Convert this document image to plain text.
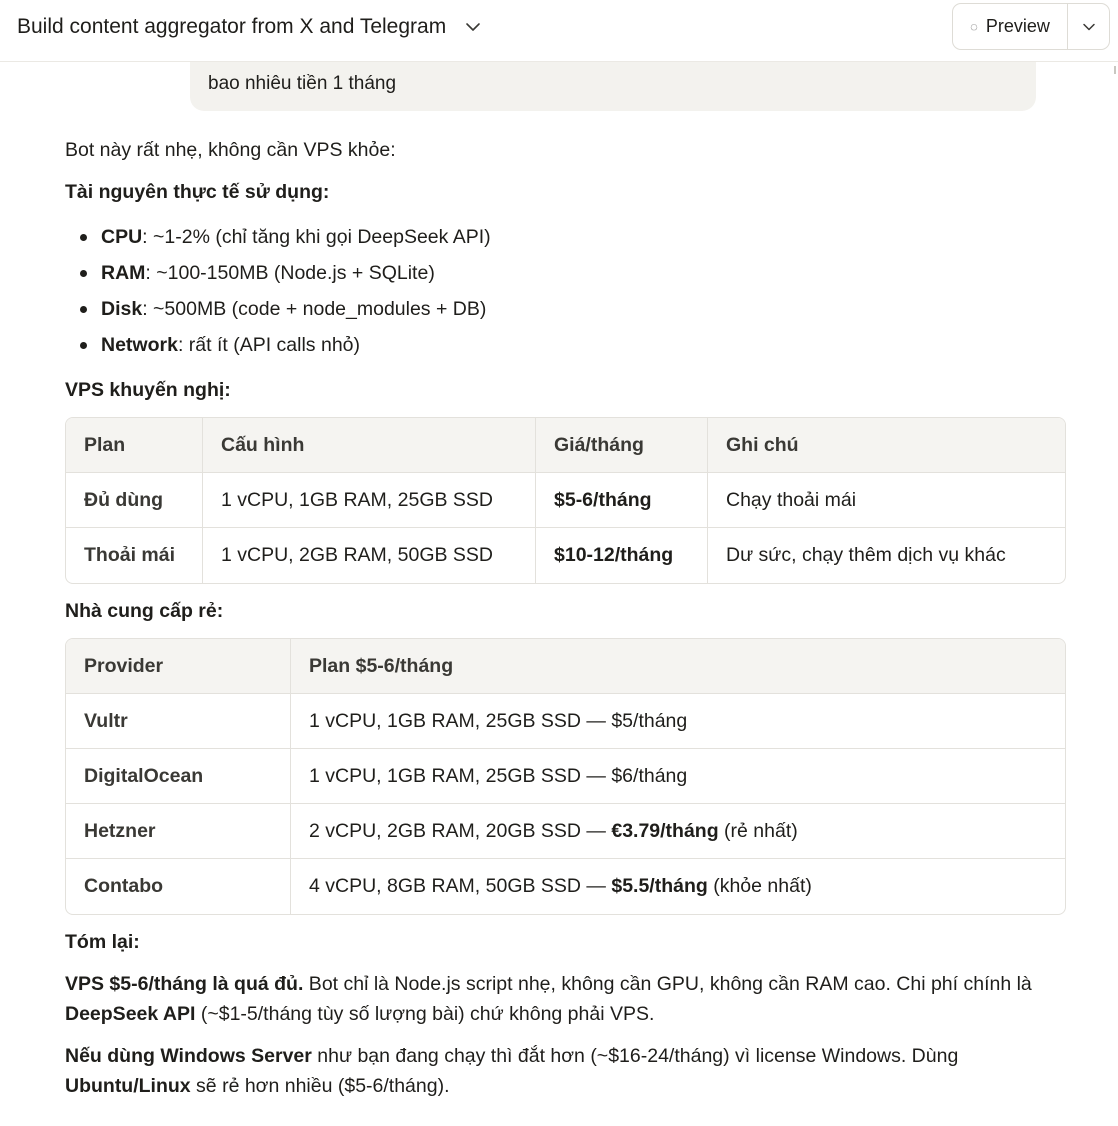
Build content aggregator from X and Telegram	◌ Preview
bao nhiêu tiền 1 tháng

Bot này rất nhẹ, không cần VPS khỏe:

Tài nguyên thực tế sử dụng:
CPU: ~1-2% (chỉ tăng khi gọi DeepSeek API)
RAM: ~100-150MB (Node.js + SQLite)
Disk: ~500MB (code + node_modules + DB)
Network: rất ít (API calls nhỏ)
VPS khuyến nghị:
Plan	Cấu hình	Giá/tháng	Ghi chú
Đủ dùng	1 vCPU, 1GB RAM, 25GB SSD	$5-6/tháng	Chạy thoải mái
Thoải mái	1 vCPU, 2GB RAM, 50GB SSD	$10-12/tháng	Dư sức, chạy thêm dịch vụ khác
Nhà cung cấp rẻ:
Provider	Plan $5-6/tháng
Vultr	1 vCPU, 1GB RAM, 25GB SSD — $5/tháng
DigitalOcean	1 vCPU, 1GB RAM, 25GB SSD — $6/tháng
Hetzner	2 vCPU, 2GB RAM, 20GB SSD — €3.79/tháng (rẻ nhất)
Contabo	4 vCPU, 8GB RAM, 50GB SSD — $5.5/tháng (khỏe nhất)
Tóm lại:

VPS $5-6/tháng là quá đủ. Bot chỉ là Node.js script nhẹ, không cần GPU, không cần RAM cao. Chi phí chính là DeepSeek API (~$1-5/tháng tùy số lượng bài) chứ không phải VPS.

Nếu dùng Windows Server như bạn đang chạy thì đắt hơn (~$16-24/tháng) vì license Windows. Dùng Ubuntu/Linux sẽ rẻ hơn nhiều ($5-6/tháng).
